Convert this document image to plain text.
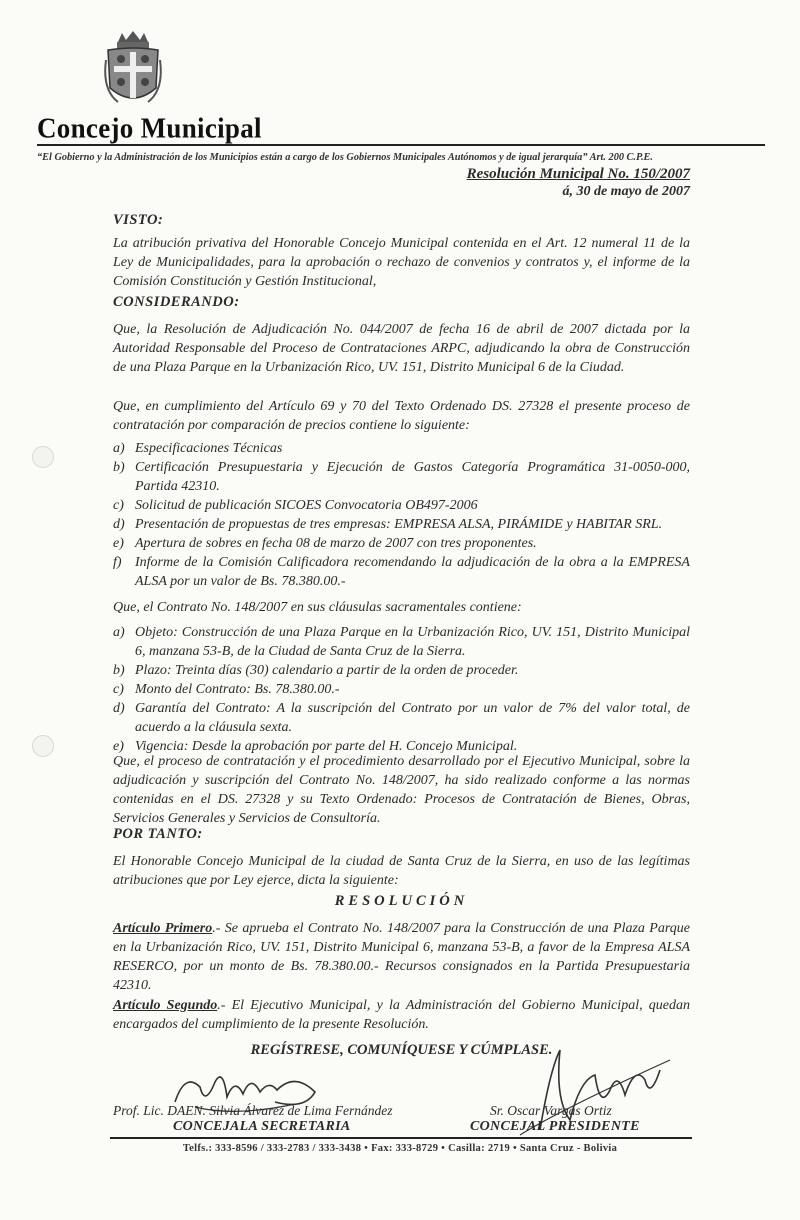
Concejo Municipal
“El Gobierno y la Administración de los Municipios están a cargo de los Gobiernos Municipales Autónomos y de igual jerarquía” Art. 200 C.P.E.
Resolución Municipal No. 150/2007
á, 30 de mayo de 2007
VISTO:
La atribución privativa del Honorable Concejo Municipal contenida en el Art. 12 numeral 11 de la Ley de Municipalidades, para la aprobación o rechazo de convenios y contratos y, el informe de la Comisión Constitución y Gestión Institucional,
CONSIDERANDO:
Que, la Resolución de Adjudicación No. 044/2007 de fecha 16 de abril de 2007 dictada por la Autoridad Responsable del Proceso de Contrataciones ARPC, adjudicando la obra de Construcción de una Plaza Parque en la Urbanización Rico, UV. 151, Distrito Municipal 6 de la Ciudad.
Que, en cumplimiento del Artículo 69 y 70 del Texto Ordenado DS. 27328 el presente proceso de contratación por comparación de precios contiene lo siguiente:
a) Especificaciones Técnicas
b) Certificación Presupuestaria y Ejecución de Gastos Categoría Programática 31-0050-000, Partida 42310.
c) Solicitud de publicación SICOES Convocatoria OB497-2006
d) Presentación de propuestas de tres empresas: EMPRESA ALSA, PIRÁMIDE y HABITAR SRL.
e) Apertura de sobres en fecha 08 de marzo de 2007 con tres proponentes.
f) Informe de la Comisión Calificadora recomendando la adjudicación de la obra a la EMPRESA ALSA por un valor de Bs. 78.380.00.-
Que, el Contrato No. 148/2007 en sus cláusulas sacramentales contiene:
a) Objeto: Construcción de una Plaza Parque en la Urbanización Rico, UV. 151, Distrito Municipal 6, manzana 53-B, de la Ciudad de Santa Cruz de la Sierra.
b) Plazo: Treinta días (30) calendario a partir de la orden de proceder.
c) Monto del Contrato: Bs. 78.380.00.-
d) Garantía del Contrato: A la suscripción del Contrato por un valor de 7% del valor total, de acuerdo a la cláusula sexta.
e) Vigencia: Desde la aprobación por parte del H. Concejo Municipal.
Que, el proceso de contratación y el procedimiento desarrollado por el Ejecutivo Municipal, sobre la adjudicación y suscripción del Contrato No. 148/2007, ha sido realizado conforme a las normas contenidas en el DS. 27328 y su Texto Ordenado: Procesos de Contratación de Bienes, Obras, Servicios Generales y Servicios de Consultoría.
POR TANTO:
El Honorable Concejo Municipal de la ciudad de Santa Cruz de la Sierra, en uso de las legítimas atribuciones que por Ley ejerce, dicta la siguiente:
RESOLUCIÓN
Artículo Primero.- Se aprueba el Contrato No. 148/2007 para la Construcción de una Plaza Parque en la Urbanización Rico, UV. 151, Distrito Municipal 6, manzana 53-B, a favor de la Empresa ALSA RESERCO, por un monto de Bs. 78.380.00.- Recursos consignados en la Partida Presupuestaria 42310.
Artículo Segundo.- El Ejecutivo Municipal, y la Administración del Gobierno Municipal, quedan encargados del cumplimiento de la presente Resolución.
REGÍSTRESE, COMUNÍQUESE Y CÚMPLASE.
Prof. Lic. DAEN. Silvia Álvarez de Lima Fernández
CONCEJALA SECRETARIA
Sr. Oscar Vargas Ortiz
CONCEJAL PRESIDENTE
Telfs.: 333-8596 / 333-2783 / 333-3438 • Fax: 333-8729 • Casilla: 2719 • Santa Cruz - Bolivia
